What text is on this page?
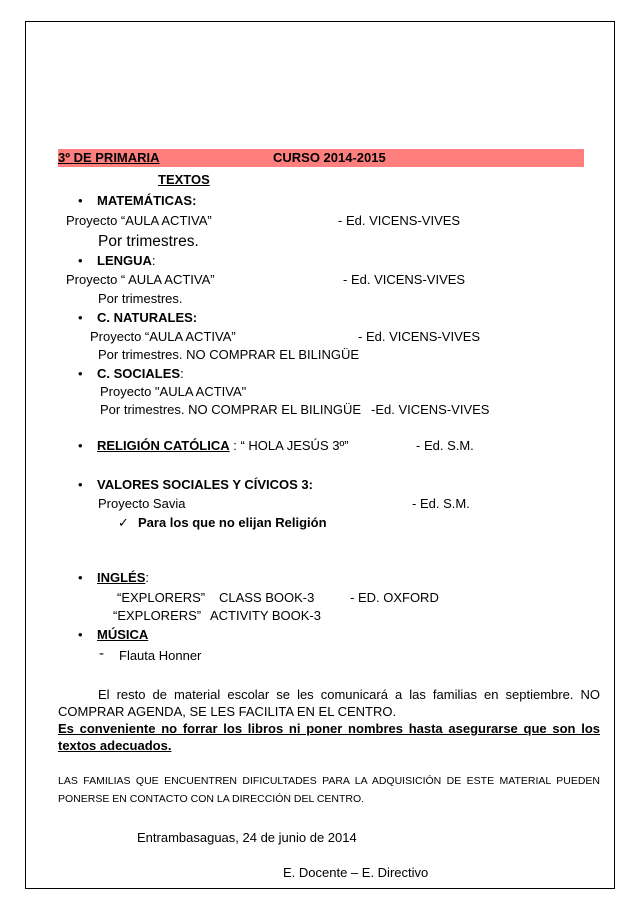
3º DE PRIMARIA	CURSO 2014-2015
TEXTOS
• MATEMÁTICAS:
Proyecto “AULA ACTIVA”	- Ed. VICENS-VIVES
Por trimestres.
• LENGUA:
Proyecto “ AULA ACTIVA”	- Ed. VICENS-VIVES
Por trimestres.
• C. NATURALES:
Proyecto “AULA ACTIVA”	- Ed. VICENS-VIVES
Por trimestres. NO COMPRAR EL BILINGÜE
• C. SOCIALES:
Proyecto "AULA ACTIVA"
Por trimestres. NO COMPRAR EL BILINGÜE -Ed. VICENS-VIVES
• RELIGIÓN CATÓLICA : “ HOLA JESÚS 3º”	- Ed. S.M.
• VALORES SOCIALES Y CÍVICOS 3:
Proyecto Savia	- Ed. S.M.
✓ Para los que no elijan Religión
• INGLÉS:
“EXPLORERS” CLASS BOOK-3	- ED. OXFORD
“EXPLORERS” ACTIVITY BOOK-3
• MÚSICA
- Flauta Honner
El resto de material escolar se les comunicará a las familias en septiembre. NO COMPRAR AGENDA, SE LES FACILITA EN EL CENTRO.
Es conveniente no forrar los libros ni poner nombres hasta asegurarse que son los textos adecuados.
LAS FAMILIAS QUE ENCUENTREN DIFICULTADES PARA LA ADQUISICIÓN DE ESTE MATERIAL PUEDEN PONERSE EN CONTACTO CON LA DIRECCIÓN DEL CENTRO.
Entrambasaguas, 24 de junio de 2014
E. Docente – E. Directivo
